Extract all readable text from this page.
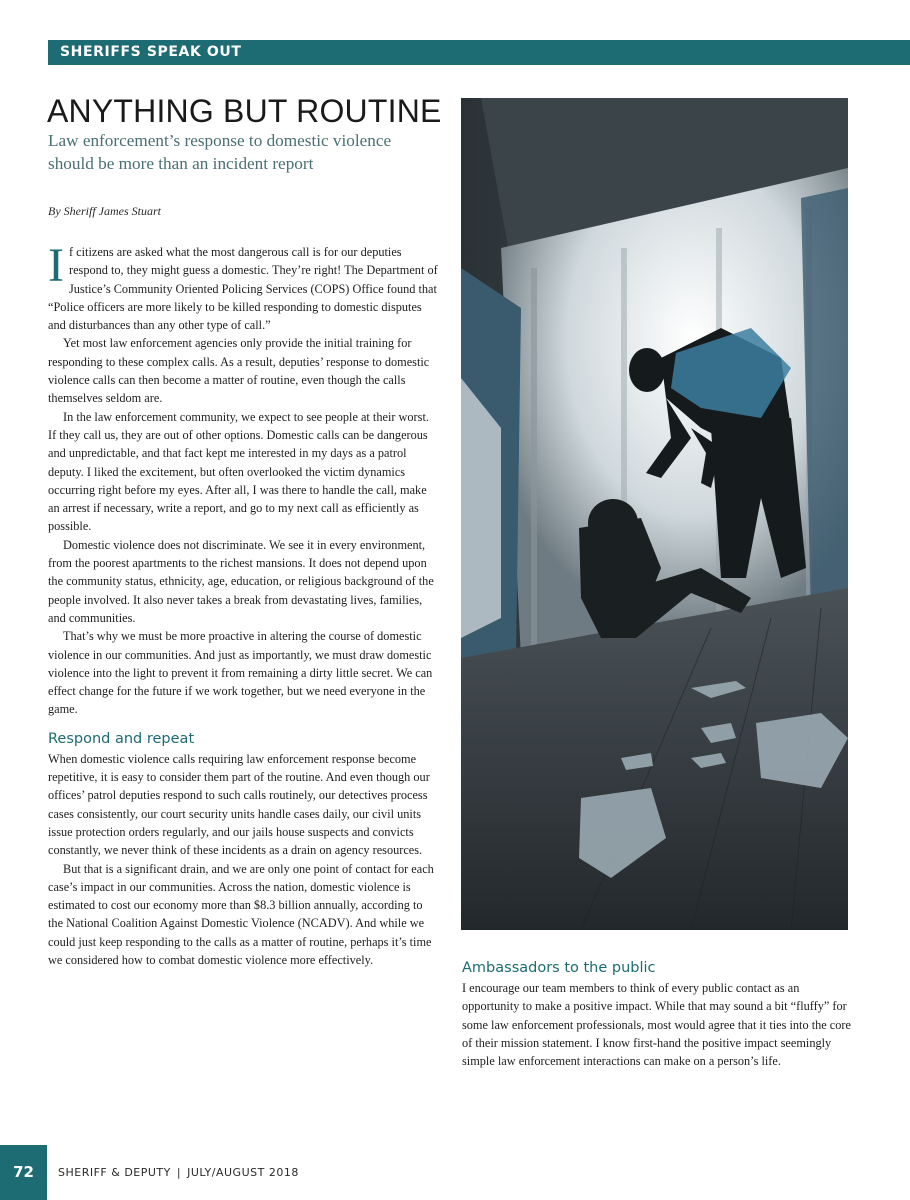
SHERIFFS SPEAK OUT
ANYTHING BUT ROUTINE
Law enforcement’s response to domestic violence should be more than an incident report
By Sheriff James Stuart

If citizens are asked what the most dangerous call is for our deputies respond to, they might guess a domestic. They’re right! The Department of Justice’s Community Oriented Policing Services (COPS) Office found that “Police officers are more likely to be killed responding to domestic disputes and disturbances than any other type of call.”

Yet most law enforcement agencies only provide the initial training for responding to these complex calls. As a result, deputies’ response to domestic violence calls can then become a matter of routine, even though the calls themselves seldom are.

In the law enforcement community, we expect to see people at their worst. If they call us, they are out of other options. Domestic calls can be dangerous and unpredictable, and that fact kept me interested in my days as a patrol deputy. I liked the excitement, but often overlooked the victim dynamics occurring right before my eyes. After all, I was there to handle the call, make an arrest if necessary, write a report, and go to my next call as efficiently as possible.

Domestic violence does not discriminate. We see it in every environment, from the poorest apartments to the richest mansions. It does not depend upon the community status, ethnicity, age, education, or religious background of the people involved. It also never takes a break from devastating lives, families, and communities.

That’s why we must be more proactive in altering the course of domestic violence in our communities. And just as importantly, we must draw domestic violence into the light to prevent it from remaining a dirty little secret. We can effect change for the future if we work together, but we need everyone in the game.

Respond and repeat

When domestic violence calls requiring law enforcement response become repetitive, it is easy to consider them part of the routine. And even though our offices’ patrol deputies respond to such calls routinely, our detectives process cases consistently, our court security units handle cases daily, our civil units issue protection orders regularly, and our jails house suspects and convicts constantly, we never think of these incidents as a drain on agency resources.

But that is a significant drain, and we are only one point of contact for each case’s impact in our communities. Across the nation, domestic violence is estimated to cost our economy more than $8.3 billion annually, according to the National Coalition Against Domestic Violence (NCADV). And while we could just keep responding to the calls as a matter of routine, perhaps it’s time we considered how to combat domestic violence more effectively.

Ambassadors to the public

I encourage our team members to think of every public contact as an opportunity to make a positive impact. While that may sound a bit “fluffy” for some law enforcement professionals, most would agree that it ties into the core of their mission statement. I know first-hand the positive impact seemingly simple law enforcement interactions can make on a person’s life.

72	SHERIFF & DEPUTY | JULY/AUGUST 2018
